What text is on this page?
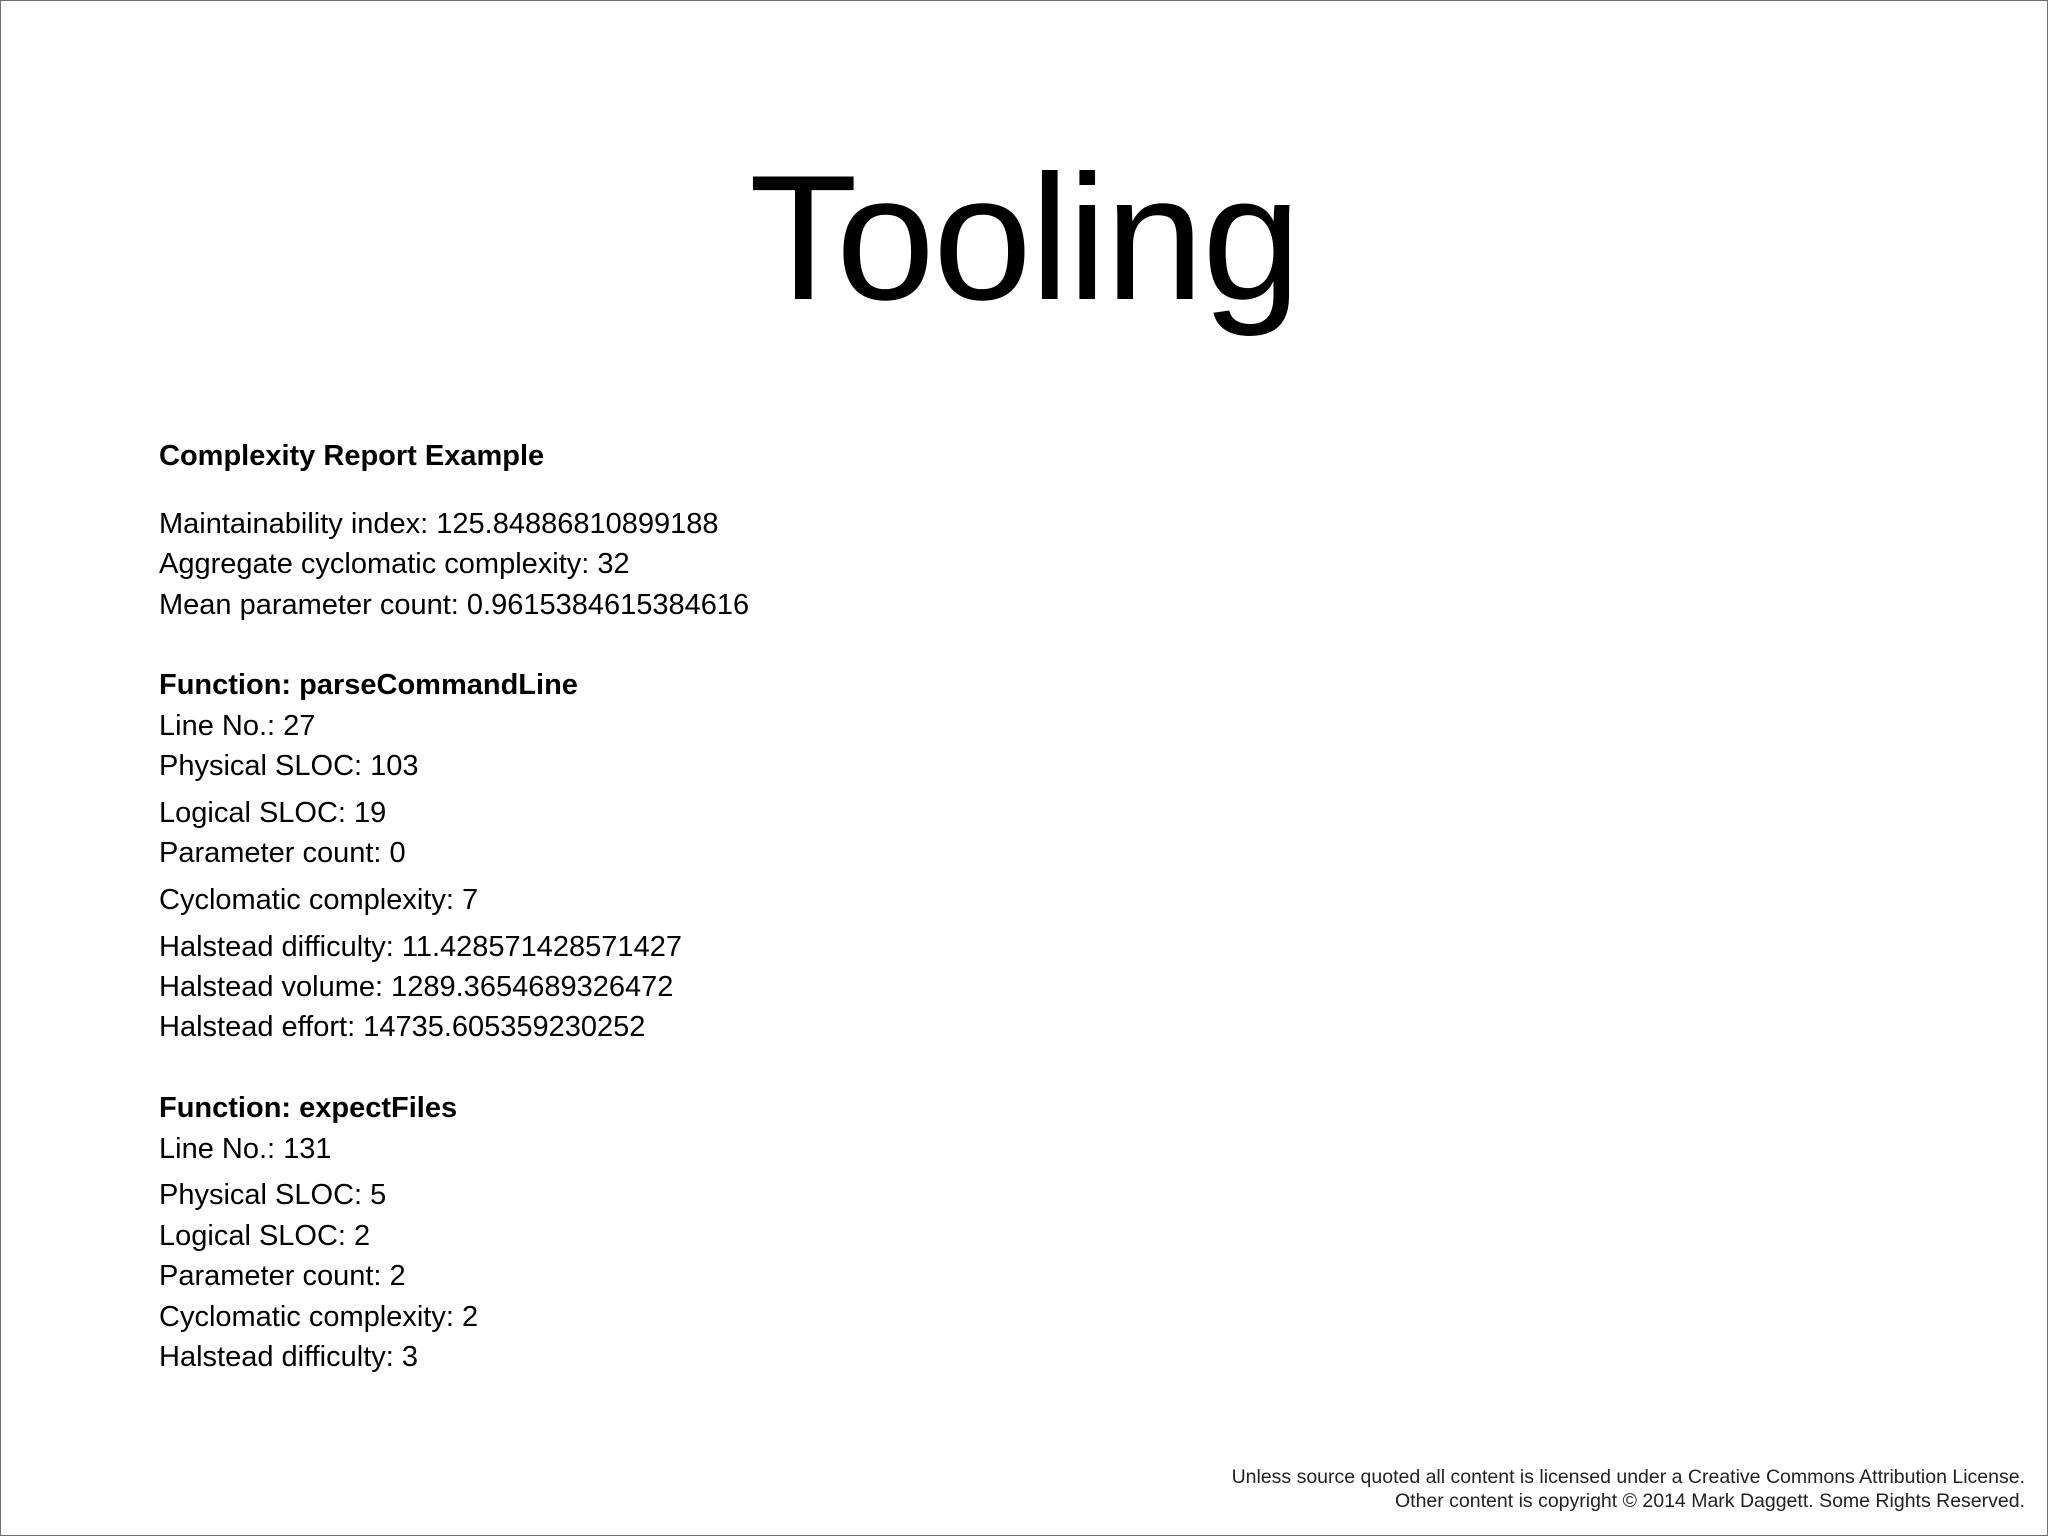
Tooling
Complexity Report Example
Maintainability index: 125.84886810899188
Aggregate cyclomatic complexity: 32
Mean parameter count: 0.9615384615384616
Function: parseCommandLine
Line No.: 27
Physical SLOC: 103
Logical SLOC: 19
Parameter count: 0
Cyclomatic complexity: 7
Halstead difficulty: 11.428571428571427
Halstead volume: 1289.3654689326472
Halstead effort: 14735.605359230252
Function: expectFiles
Line No.: 131
Physical SLOC: 5
Logical SLOC: 2
Parameter count: 2
Cyclomatic complexity: 2
Halstead difficulty: 3
Unless source quoted all content is licensed under a Creative Commons Attribution License.
Other content is copyright © 2014 Mark Daggett. Some Rights Reserved.
